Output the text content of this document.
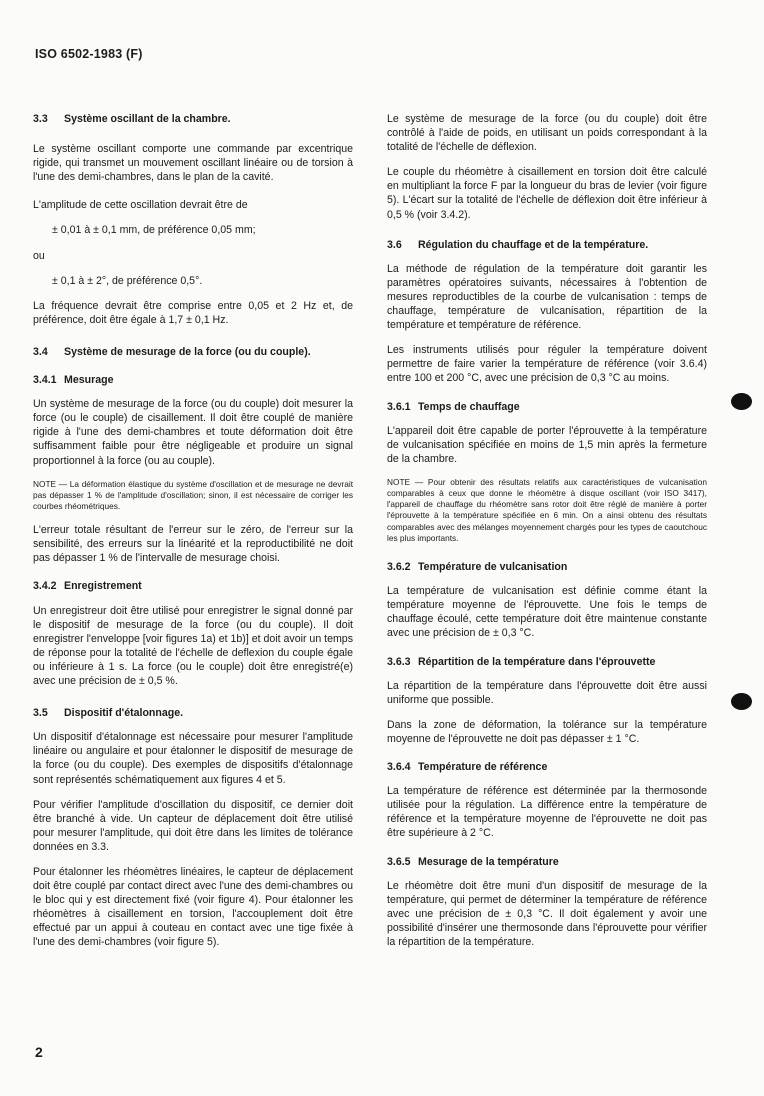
ISO 6502-1983 (F)

3.3 Système oscillant de la chambre.

Le système oscillant comporte une commande par excentrique rigide, qui transmet un mouvement oscillant linéaire ou de torsion à l'une des demi-chambres, dans le plan de la cavité.

L'amplitude de cette oscillation devrait être de

± 0,01 à ± 0,1 mm, de préférence 0,05 mm;

ou

± 0,1 à ± 2°, de préférence 0,5°.

La fréquence devrait être comprise entre 0,05 et 2 Hz et, de préférence, doit être égale à 1,7 ± 0,1 Hz.

3.4 Système de mesurage de la force (ou du couple).

3.4.1 Mesurage

Un système de mesurage de la force (ou du couple) doit mesurer la force (ou le couple) de cisaillement. Il doit être couplé de manière rigide à l'une des demi-chambres et toute déformation doit être suffisamment faible pour être négligeable et produire un signal proportionnel à la force (ou au couple).

NOTE — La déformation élastique du système d'oscillation et de mesurage ne devrait pas dépasser 1 % de l'amplitude d'oscillation; sinon, il est nécessaire de corriger les courbes rhéométriques.

L'erreur totale résultant de l'erreur sur le zéro, de l'erreur sur la sensibilité, des erreurs sur la linéarité et la reproductibilité ne doit pas dépasser 1 % de l'intervalle de mesurage choisi.

3.4.2 Enregistrement

Un enregistreur doit être utilisé pour enregistrer le signal donné par le dispositif de mesurage de la force (ou du couple). Il doit enregistrer l'enveloppe [voir figures 1a) et 1b)] et doit avoir un temps de réponse pour la totalité de l'échelle de deflexion du couple égale ou inférieure à 1 s. La force (ou le couple) doit être enregistré(e) avec une précision de ± 0,5 %.

3.5 Dispositif d'étalonnage.

Un dispositif d'étalonnage est nécessaire pour mesurer l'amplitude linéaire ou angulaire et pour étalonner le dispositif de mesurage de la force (ou du couple). Des exemples de dispositifs d'étalonnage sont représentés schématiquement aux figures 4 et 5.

Pour vérifier l'amplitude d'oscillation du dispositif, ce dernier doit être branché à vide. Un capteur de déplacement doit être utilisé pour mesurer l'amplitude, qui doit être dans les limites de tolérance données en 3.3.

Pour étalonner les rhéomètres linéaires, le capteur de déplacement doit être couplé par contact direct avec l'une des demi-chambres ou le bloc qui y est directement fixé (voir figure 4). Pour étalonner les rhéomètres à cisaillement en torsion, l'accouplement doit être effectué par un appui à couteau en contact avec une tige fixée à l'une des demi-chambres (voir figure 5).

Le système de mesurage de la force (ou du couple) doit être contrôlé à l'aide de poids, en utilisant un poids correspondant à la totalité de l'échelle de déflexion.

Le couple du rhéomètre à cisaillement en torsion doit être calculé en multipliant la force F par la longueur du bras de levier (voir figure 5). L'écart sur la totalité de l'échelle de déflexion doit être inférieur à 0,5 % (voir 3.4.2).

3.6 Régulation du chauffage et de la température.

La méthode de régulation de la température doit garantir les paramètres opératoires suivants, nécessaires à l'obtention de mesures reproductibles de la courbe de vulcanisation : temps de chauffage, température de vulcanisation, répartition de la température et température de référence.

Les instruments utilisés pour réguler la température doivent permettre de faire varier la température de référence (voir 3.6.4) entre 100 et 200 °C, avec une précision de 0,3 °C au moins.

3.6.1 Temps de chauffage

L'appareil doit être capable de porter l'éprouvette à la température de vulcanisation spécifiée en moins de 1,5 min après la fermeture de la chambre.

NOTE — Pour obtenir des résultats relatifs aux caractéristiques de vulcanisation comparables à ceux que donne le rhéomètre à disque oscillant (voir ISO 3417), l'appareil de chauffage du rhéomètre sans rotor doit être réglé de manière à porter l'éprouvette à la température spécifiée en 6 min. On a ainsi obtenu des résultats comparables avec des mélanges moyennement chargés pour les types de caoutchouc les plus importants.

3.6.2 Température de vulcanisation

La température de vulcanisation est définie comme étant la température moyenne de l'éprouvette. Une fois le temps de chauffage écoulé, cette température doit être maintenue constante avec une précision de ± 0,3 °C.

3.6.3 Répartition de la température dans l'éprouvette

La répartition de la température dans l'éprouvette doit être aussi uniforme que possible.

Dans la zone de déformation, la tolérance sur la température moyenne de l'éprouvette ne doit pas dépasser ± 1 °C.

3.6.4 Température de référence

La température de référence est déterminée par la thermosonde utilisée pour la régulation. La différence entre la température de référence et la température moyenne de l'éprouvette ne doit pas être supérieure à 2 °C.

3.6.5 Mesurage de la température

Le rhéomètre doit être muni d'un dispositif de mesurage de la température, qui permet de déterminer la température de référence avec une précision de ± 0,3 °C. Il doit également y avoir une possibilité d'insérer une thermosonde dans l'éprouvette pour vérifier la répartition de la température.

2
